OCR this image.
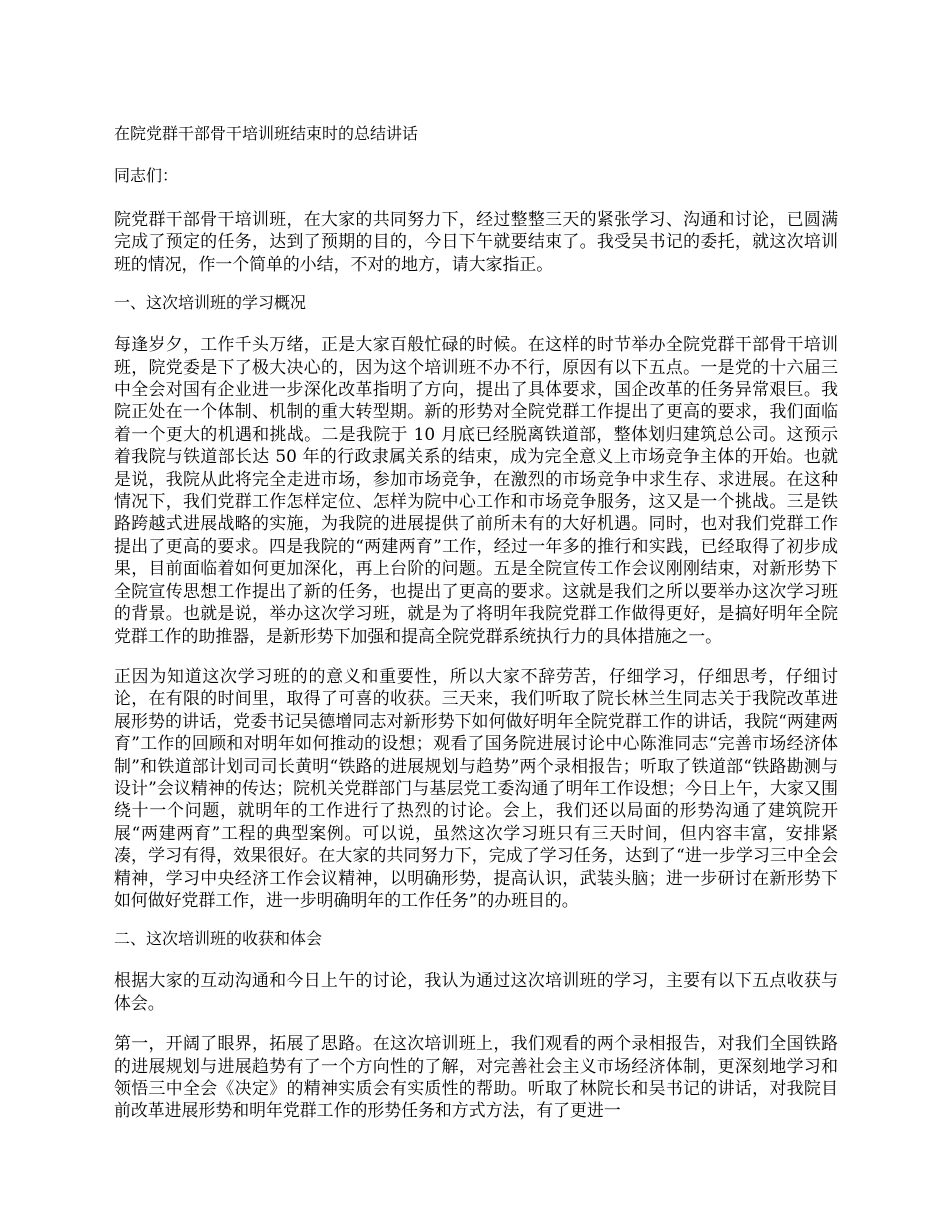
在院党群干部骨干培训班结束时的总结讲话
同志们：
院党群干部骨干培训班，在大家的共同努力下，经过整整三天的紧张学习、沟通和讨论，已圆满完成了预定的任务，达到了预期的目的，今日下午就要结束了。我受吴书记的委托，就这次培训班的情况，作一个简单的小结，不对的地方，请大家指正。
一、这次培训班的学习概况
每逢岁夕，工作千头万绪，正是大家百般忙碌的时候。在这样的时节举办全院党群干部骨干培训班，院党委是下了极大决心的，因为这个培训班不办不行，原因有以下五点。一是党的十六届三中全会对国有企业进一步深化改革指明了方向，提出了具体要求，国企改革的任务异常艰巨。我院正处在一个体制、机制的重大转型期。新的形势对全院党群工作提出了更高的要求，我们面临着一个更大的机遇和挑战。二是我院于 10 月底已经脱离铁道部，整体划归建筑总公司。这预示着我院与铁道部长达 50 年的行政隶属关系的结束，成为完全意义上市场竞争主体的开始。也就是说，我院从此将完全走进市场，参加市场竞争，在激烈的市场竞争中求生存、求进展。在这种情况下，我们党群工作怎样定位、怎样为院中心工作和市场竞争服务，这又是一个挑战。三是铁路跨越式进展战略的实施，为我院的进展提供了前所未有的大好机遇。同时，也对我们党群工作提出了更高的要求。四是我院的“两建两育”工作，经过一年多的推行和实践，已经取得了初步成果，目前面临着如何更加深化，再上台阶的问题。五是全院宣传工作会议刚刚结束，对新形势下全院宣传思想工作提出了新的任务，也提出了更高的要求。这就是我们之所以要举办这次学习班的背景。也就是说，举办这次学习班，就是为了将明年我院党群工作做得更好，是搞好明年全院党群工作的助推器，是新形势下加强和提高全院党群系统执行力的具体措施之一。
正因为知道这次学习班的的意义和重要性，所以大家不辞劳苦，仔细学习，仔细思考，仔细讨论，在有限的时间里，取得了可喜的收获。三天来，我们听取了院长林兰生同志关于我院改革进展形势的讲话，党委书记吴德增同志对新形势下如何做好明年全院党群工作的讲话，我院“两建两育”工作的回顾和对明年如何推动的设想；观看了国务院进展讨论中心陈淮同志“完善市场经济体制”和铁道部计划司司长黄明“铁路的进展规划与趋势”两个录相报告；听取了铁道部“铁路勘测与设计”会议精神的传达；院机关党群部门与基层党工委沟通了明年工作设想；今日上午，大家又围绕十一个问题，就明年的工作进行了热烈的讨论。会上，我们还以局面的形势沟通了建筑院开展“两建两育”工程的典型案例。可以说，虽然这次学习班只有三天时间，但内容丰富，安排紧凑，学习有得，效果很好。在大家的共同努力下，完成了学习任务，达到了“进一步学习三中全会精神，学习中央经济工作会议精神，以明确形势，提高认识，武装头脑；进一步研讨在新形势下如何做好党群工作，进一步明确明年的工作任务”的办班目的。
二、这次培训班的收获和体会
根据大家的互动沟通和今日上午的讨论，我认为通过这次培训班的学习，主要有以下五点收获与体会。
第一，开阔了眼界，拓展了思路。在这次培训班上，我们观看的两个录相报告，对我们全国铁路的进展规划与进展趋势有了一个方向性的了解，对完善社会主义市场经济体制，更深刻地学习和领悟三中全会《决定》的精神实质会有实质性的帮助。听取了林院长和吴书记的讲话，对我院目前改革进展形势和明年党群工作的形势任务和方式方法，有了更进一
